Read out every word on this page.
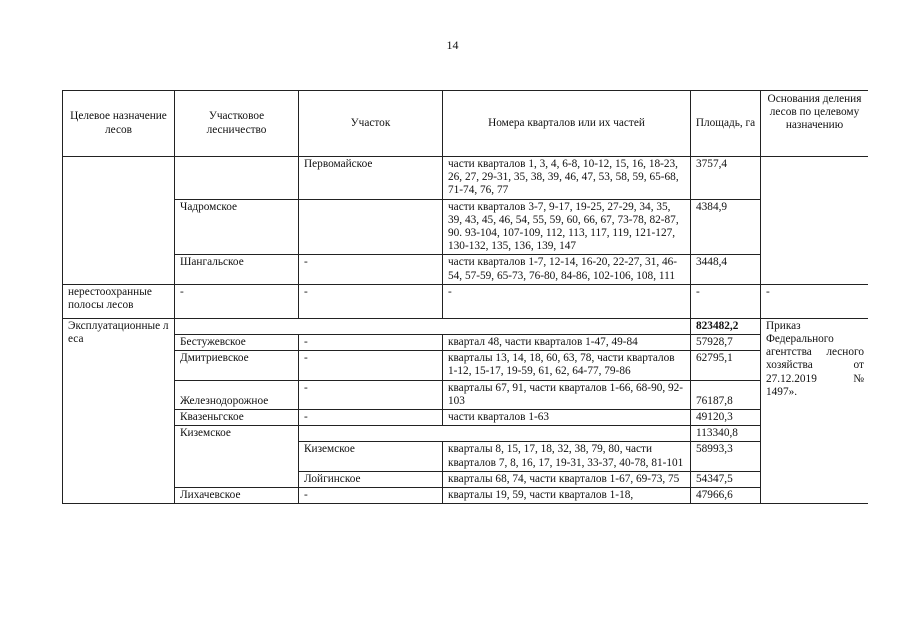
14
Целевое назначение лесов	Участковое лесничество	Участок	Номера кварталов или их частей	Площадь, га	Основания деления лесов по целевому назначению
		Первомайское	части кварталов 1, 3, 4, 6-8, 10-12, 15, 16, 18-23, 26, 27, 29-31, 35, 38, 39, 46, 47, 53, 58, 59, 65-68, 71-74, 76, 77	3757,4	
	Чадромское		части кварталов 3-7, 9-17, 19-25, 27-29, 34, 35, 39, 43, 45, 46, 54, 55, 59, 60, 66, 67, 73-78, 82-87, 90. 93-104, 107-109, 112, 113, 117, 119, 121-127, 130-132, 135, 136, 139, 147	4384,9	
	Шангальское	-	части кварталов 1-7, 12-14, 16-20, 22-27, 31, 46-54, 57-59, 65-73, 76-80, 84-86, 102-106, 108, 111	3448,4	
нерестоохранные полосы лесов	-	-	-	-	-
Эксплуатационные леса				823482,2	Приказ Федерального агентства лесного хозяйства от 27.12.2019 № 1497».
	Бестужевское	-	квартал 48, части кварталов 1-47, 49-84	57928,7	
	Дмитриевское	-	кварталы 13, 14, 18, 60, 63, 78, части кварталов 1-12, 15-17, 19-59, 61, 62, 64-77, 79-86	62795,1	
	Железнодорожное	-	кварталы 67, 91, части кварталов 1-66, 68-90, 92-103	76187,8	
	Квазеньгское	-	части кварталов 1-63	49120,3	
	Киземское			113340,8	
		Киземское	кварталы 8, 15, 17, 18, 32, 38, 79, 80, части кварталов 7, 8, 16, 17, 19-31, 33-37, 40-78, 81-101	58993,3	
		Лойгинское	кварталы 68, 74, части кварталов 1-67, 69-73, 75	54347,5	
	Лихачевское	-	кварталы 19, 59, части кварталов 1-18,	47966,6	
